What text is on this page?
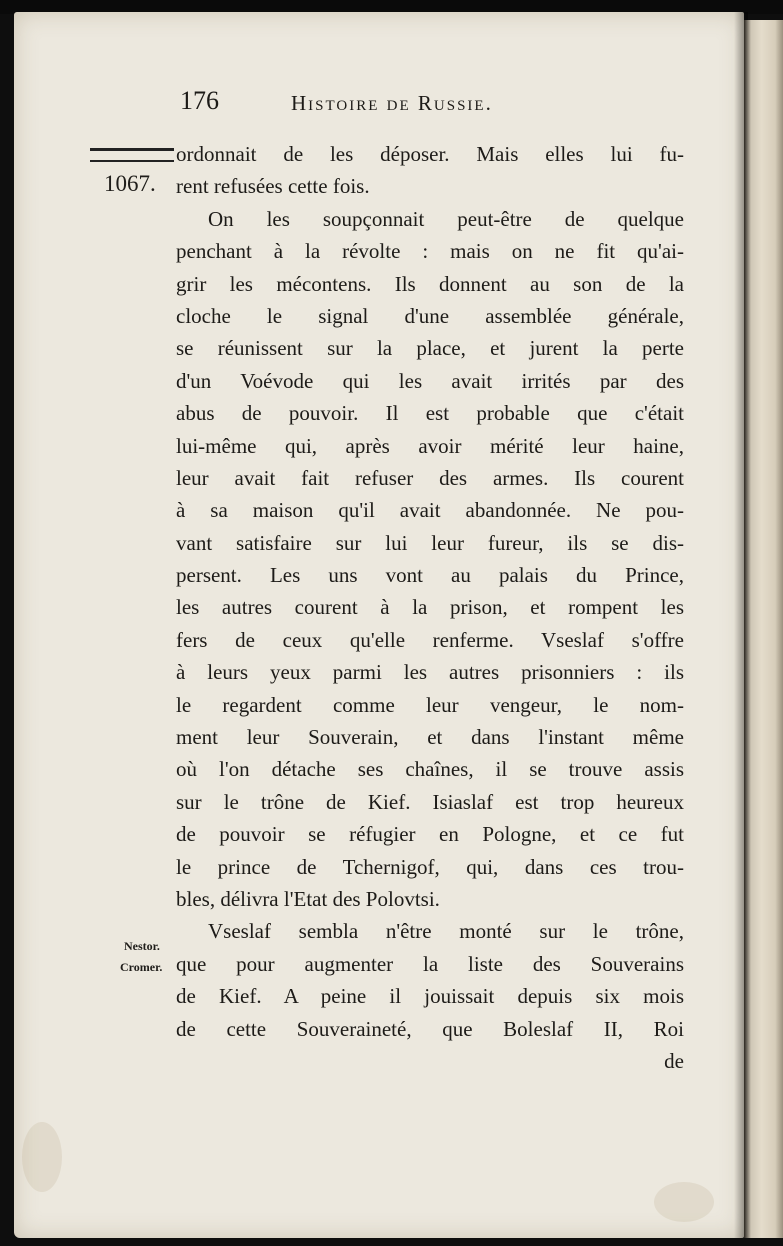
176	Histoire de Russie.
1067.
Nestor.
Cromer.
ordonnait de les déposer. Mais elles lui fu-
rent refusées cette fois.
On les soupçonnait peut-être de quelque
penchant à la révolte : mais on ne fit qu'ai-
grir les mécontens. Ils donnent au son de la
cloche le signal d'une assemblée générale,
se réunissent sur la place, et jurent la perte
d'un Voévode qui les avait irrités par des
abus de pouvoir. Il est probable que c'était
lui-même qui, après avoir mérité leur haine,
leur avait fait refuser des armes. Ils courent
à sa maison qu'il avait abandonnée. Ne pou-
vant satisfaire sur lui leur fureur, ils se dis-
persent. Les uns vont au palais du Prince,
les autres courent à la prison, et rompent les
fers de ceux qu'elle renferme. Vseslaf s'offre
à leurs yeux parmi les autres prisonniers : ils
le regardent comme leur vengeur, le nom-
ment leur Souverain, et dans l'instant même
où l'on détache ses chaînes, il se trouve assis
sur le trône de Kief. Isiaslaf est trop heureux
de pouvoir se réfugier en Pologne, et ce fut
le prince de Tchernigof, qui, dans ces trou-
bles, délivra l'Etat des Polovtsi.
Vseslaf sembla n'être monté sur le trône,
que pour augmenter la liste des Souverains
de Kief. A peine il jouissait depuis six mois
de cette Souveraineté, que Boleslaf II, Roi
de
